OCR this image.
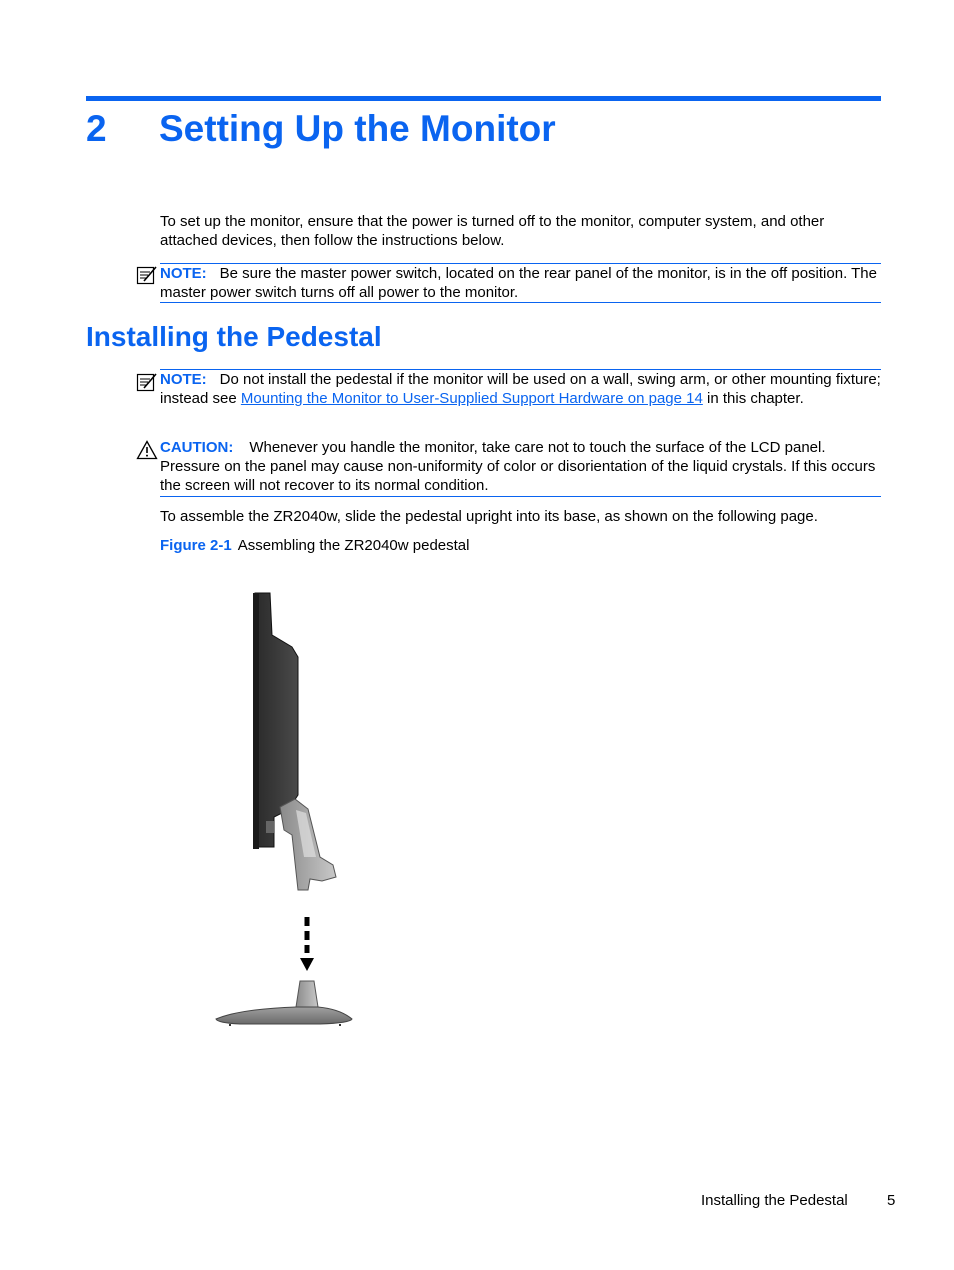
2 Setting Up the Monitor
To set up the monitor, ensure that the power is turned off to the monitor, computer system, and other attached devices, then follow the instructions below.
NOTE: Be sure the master power switch, located on the rear panel of the monitor, is in the off position. The master power switch turns off all power to the monitor.
Installing the Pedestal
NOTE: Do not install the pedestal if the monitor will be used on a wall, swing arm, or other mounting fixture; instead see Mounting the Monitor to User-Supplied Support Hardware on page 14 in this chapter.
CAUTION: Whenever you handle the monitor, take care not to touch the surface of the LCD panel. Pressure on the panel may cause non-uniformity of color or disorientation of the liquid crystals. If this occurs the screen will not recover to its normal condition.
To assemble the ZR2040w, slide the pedestal upright into its base, as shown on the following page.
Figure 2-1 Assembling the ZR2040w pedestal
Installing the Pedestal	5
